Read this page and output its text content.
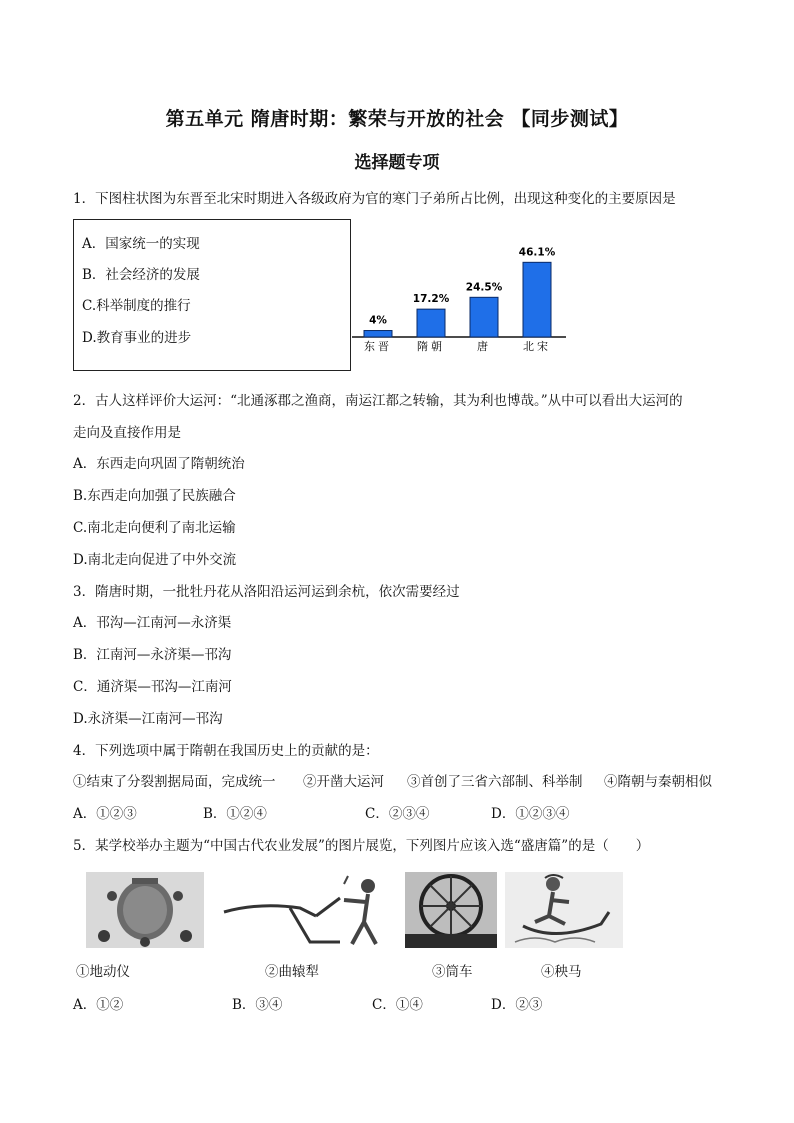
第五单元 隋唐时期：繁荣与开放的社会 【同步测试】
选择题专项
1．下图柱状图为东晋至北宋时期进入各级政府为官的寒门子弟所占比例，出现这种变化的主要原因是
A．国家统一的实现
B．社会经济的发展
C.科举制度的推行
D.教育事业的进步
4%
东晋
17.2%
隋朝
24.5%
唐
46.1%
北宋
2．古人这样评价大运河：“北通涿郡之渔商，南运江都之转输，其为利也博哉。”从中可以看出大运河的
走向及直接作用是
A．东西走向巩固了隋朝统治
B.东西走向加强了民族融合
C.南北走向便利了南北运输
D.南北走向促进了中外交流
3．隋唐时期，一批牡丹花从洛阳沿运河运到余杭，依次需要经过
A．邗沟—江南河—永济渠
B．江南河—永济渠—邗沟
C．通济渠—邗沟—江南河
D.永济渠—江南河—邗沟
4．下列选项中属于隋朝在我国历史上的贡献的是：
①结束了分裂割据局面，完成统一 ②开凿大运河 ③首创了三省六部制、科举制 ④隋朝与秦朝相似
A．①②③	B．①②④	C．②③④	D．①②③④
5．某学校举办主题为“中国古代农业发展”的图片展览，下列图片应该入选“盛唐篇”的是（　　）
①地动仪	②曲辕犁	③筒车	④秧马
A．①②	B．③④	C．①④	D．②③
